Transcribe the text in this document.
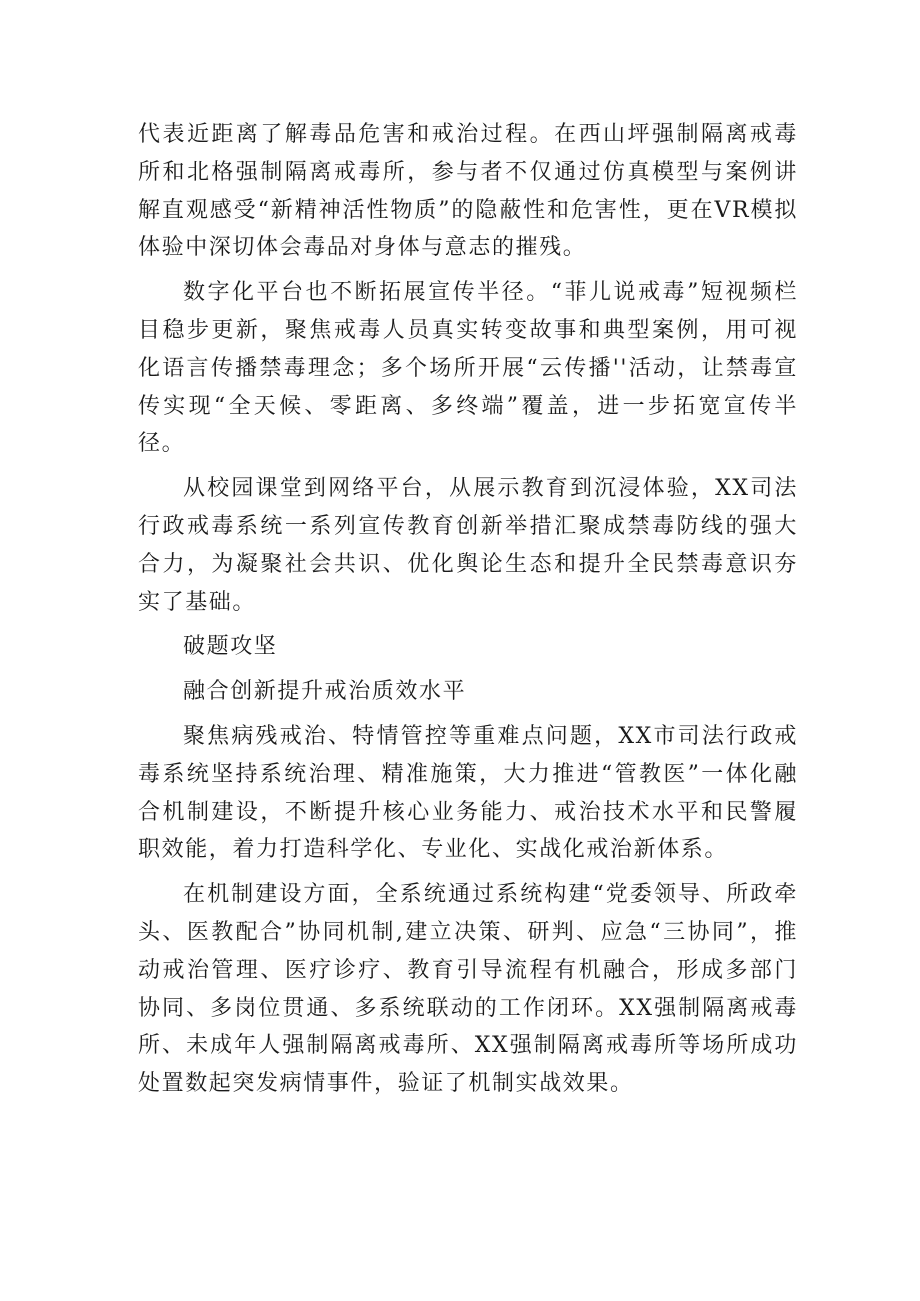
代表近距离了解毒品危害和戒治过程。在西山坪强制隔离戒毒所和北格强制隔离戒毒所，参与者不仅通过仿真模型与案例讲解直观感受“新精神活性物质”的隐蔽性和危害性，更在VR模拟体验中深切体会毒品对身体与意志的摧残。

数字化平台也不断拓展宣传半径。“菲儿说戒毒”短视频栏目稳步更新，聚焦戒毒人员真实转变故事和典型案例，用可视化语言传播禁毒理念；多个场所开展“云传播''活动，让禁毒宣传实现“全天候、零距离、多终端”覆盖，进一步拓宽宣传半径。

从校园课堂到网络平台，从展示教育到沉浸体验，XX司法行政戒毒系统一系列宣传教育创新举措汇聚成禁毒防线的强大合力，为凝聚社会共识、优化舆论生态和提升全民禁毒意识夯实了基础。

破题攻坚

融合创新提升戒治质效水平

聚焦病残戒治、特情管控等重难点问题，XX市司法行政戒毒系统坚持系统治理、精准施策，大力推进“管教医”一体化融合机制建设，不断提升核心业务能力、戒治技术水平和民警履职效能，着力打造科学化、专业化、实战化戒治新体系。

在机制建设方面，全系统通过系统构建“党委领导、所政牵头、医教配合”协同机制,建立决策、研判、应急“三协同”，推动戒治管理、医疗诊疗、教育引导流程有机融合，形成多部门协同、多岗位贯通、多系统联动的工作闭环。XX强制隔离戒毒所、未成年人强制隔离戒毒所、XX强制隔离戒毒所等场所成功处置数起突发病情事件，验证了机制实战效果。
